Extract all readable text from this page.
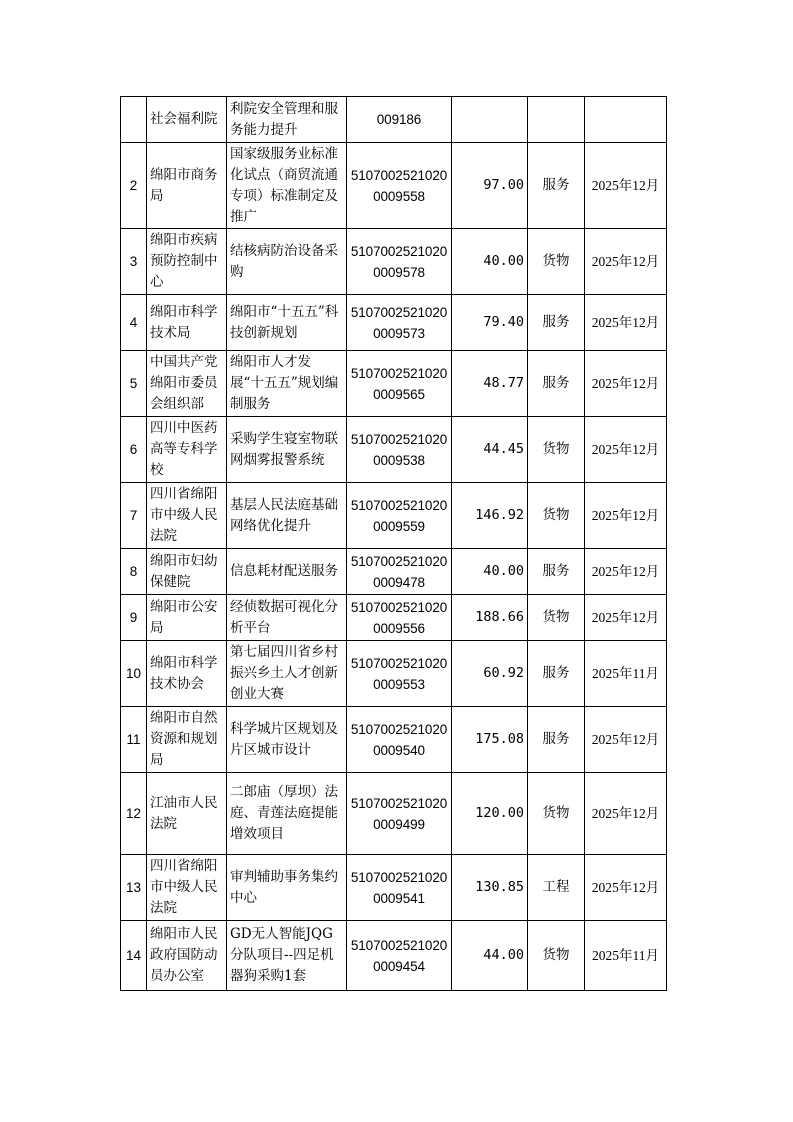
	社会福利院	利院安全管理和服务能力提升	009186			
2	绵阳市商务局	国家级服务业标准化试点（商贸流通专项）标准制定及推广	51070025210200009558	97.00	服务	2025年12月
3	绵阳市疾病预防控制中心	结核病防治设备采购	51070025210200009578	40.00	货物	2025年12月
4	绵阳市科学技术局	绵阳市“十五五”科技创新规划	51070025210200009573	79.40	服务	2025年12月
5	中国共产党绵阳市委员会组织部	绵阳市人才发展“十五五”规划编制服务	51070025210200009565	48.77	服务	2025年12月
6	四川中医药高等专科学校	采购学生寝室物联网烟雾报警系统	51070025210200009538	44.45	货物	2025年12月
7	四川省绵阳市中级人民法院	基层人民法庭基础网络优化提升	51070025210200009559	146.92	货物	2025年12月
8	绵阳市妇幼保健院	信息耗材配送服务	51070025210200009478	40.00	服务	2025年12月
9	绵阳市公安局	经侦数据可视化分析平台	51070025210200009556	188.66	货物	2025年12月
10	绵阳市科学技术协会	第七届四川省乡村振兴乡土人才创新创业大赛	51070025210200009553	60.92	服务	2025年11月
11	绵阳市自然资源和规划局	科学城片区规划及片区城市设计	51070025210200009540	175.08	服务	2025年12月
12	江油市人民法院	二郎庙（厚坝）法庭、青莲法庭提能增效项目	51070025210200009499	120.00	货物	2025年12月
13	四川省绵阳市中级人民法院	审判辅助事务集约中心	51070025210200009541	130.85	工程	2025年12月
14	绵阳市人民政府国防动员办公室	GD无人智能JQG分队项目--四足机器狗采购1套	51070025210200009454	44.00	货物	2025年11月
